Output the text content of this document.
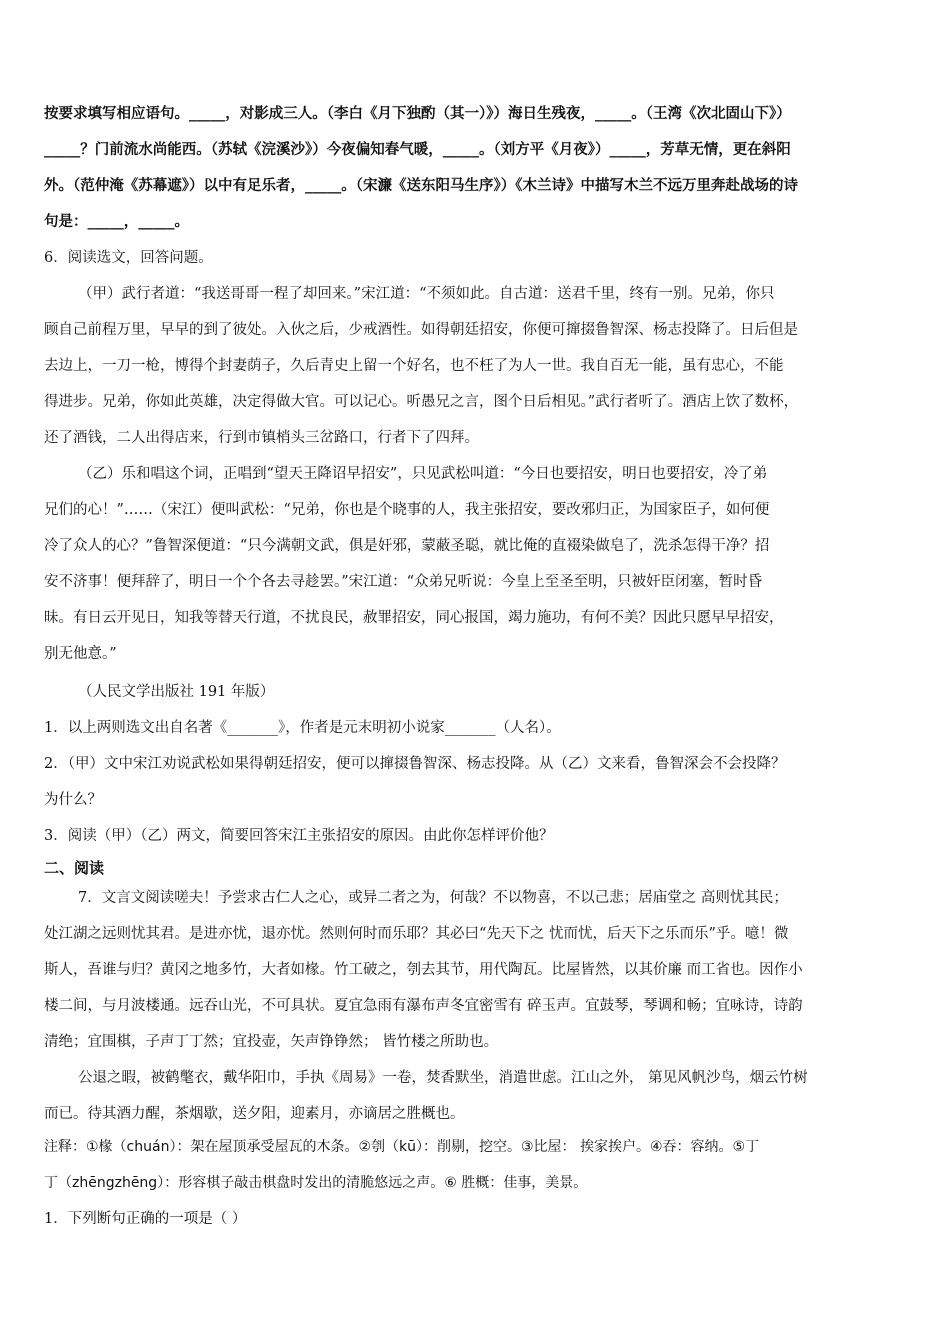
按要求填写相应语句。_____，对影成三人。（李白《月下独酌（其一）》）海日生残夜，_____。（王湾《次北固山下》）
_____？门前流水尚能西。（苏轼《浣溪沙》）今夜偏知春气暖，_____。（刘方平《月夜》）_____，芳草无情，更在斜阳
外。（范仲淹《苏幕遮》）以中有足乐者，_____。（宋濂《送东阳马生序》）《木兰诗》中描写木兰不远万里奔赴战场的诗
句是：_____，_____。
6．阅读选文，回答问题。
（甲）武行者道：“我送哥哥一程了却回来。”宋江道：“不须如此。自古道：送君千里，终有一别。兄弟，你只
顾自己前程万里，早早的到了彼处。入伙之后，少戒酒性。如得朝廷招安，你便可撺掇鲁智深、杨志投降了。日后但是
去边上，一刀一枪，博得个封妻荫子，久后青史上留一个好名，也不枉了为人一世。我自百无一能，虽有忠心，不能
得进步。兄弟，你如此英雄，决定得做大官。可以记心。听愚兄之言，图个日后相见。”武行者听了。酒店上饮了数杯，
还了酒钱，二人出得店来，行到市镇梢头三岔路口，行者下了四拜。
（乙）乐和唱这个词，正唱到“望天王降诏早招安”，只见武松叫道：“今日也要招安，明日也要招安，冷了弟
兄们的心！”……（宋江）便叫武松：“兄弟，你也是个晓事的人，我主张招安，要改邪归正，为国家臣子，如何便
冷了众人的心？”鲁智深便道：“只今满朝文武，俱是奸邪，蒙蔽圣聪，就比俺的直裰染做皂了，洗杀怎得干净？招
安不济事！便拜辞了，明日一个个各去寻趁罢。”宋江道：“众弟兄听说：今皇上至圣至明，只被奸臣闭塞，暂时昏
昧。有日云开见日，知我等替天行道，不扰良民，赦罪招安，同心报国，竭力施功，有何不美？因此只愿早早招安，
别无他意。”
（人民文学出版社 191 年版）
1．以上两则选文出自名著《_______》，作者是元末明初小说家_______（人名）。
2．（甲）文中宋江劝说武松如果得朝廷招安，便可以撺掇鲁智深、杨志投降。从（乙）文来看，鲁智深会不会投降？
为什么？
3．阅读（甲）（乙）两文，简要回答宋江主张招安的原因。由此你怎样评价他？
二、阅读
7．文言文阅读嗟夫！予尝求古仁人之心，或异二者之为，何哉？不以物喜，不以己悲；居庙堂之 高则忧其民；
处江湖之远则忧其君。是进亦忧，退亦忧。然则何时而乐耶？其必曰“先天下之 忧而忧，后天下之乐而乐”乎。噫！微
斯人，吾谁与归？黄冈之地多竹，大者如椽。竹工破之，刳去其节，用代陶瓦。比屋皆然，以其价廉 而工省也。因作小
楼二间，与月波楼通。远吞山光，不可具状。夏宜急雨有瀑布声冬宜密雪有 碎玉声。宜鼓琴，琴调和畅；宜咏诗，诗韵
清绝；宜围棋，子声丁丁然；宜投壶，矢声铮铮然； 皆竹楼之所助也。
公退之暇，被鹤氅衣，戴华阳巾，手执《周易》一卷，焚香默坐，消遣世虑。江山之外， 第见风帆沙鸟，烟云竹树
而已。待其酒力醒，茶烟歇，送夕阳，迎素月，亦谪居之胜概也。
注释：①椽（chuán）：架在屋顶承受屋瓦的木条。②刳（kū）：削剔，挖空。③比屋： 挨家挨户。④吞：容纳。⑤丁
丁（zhēngzhēng）：形容棋子敲击棋盘时发出的清脆悠远之声。⑥ 胜概：佳事，美景。
1．下列断句正确的一项是（ ）
